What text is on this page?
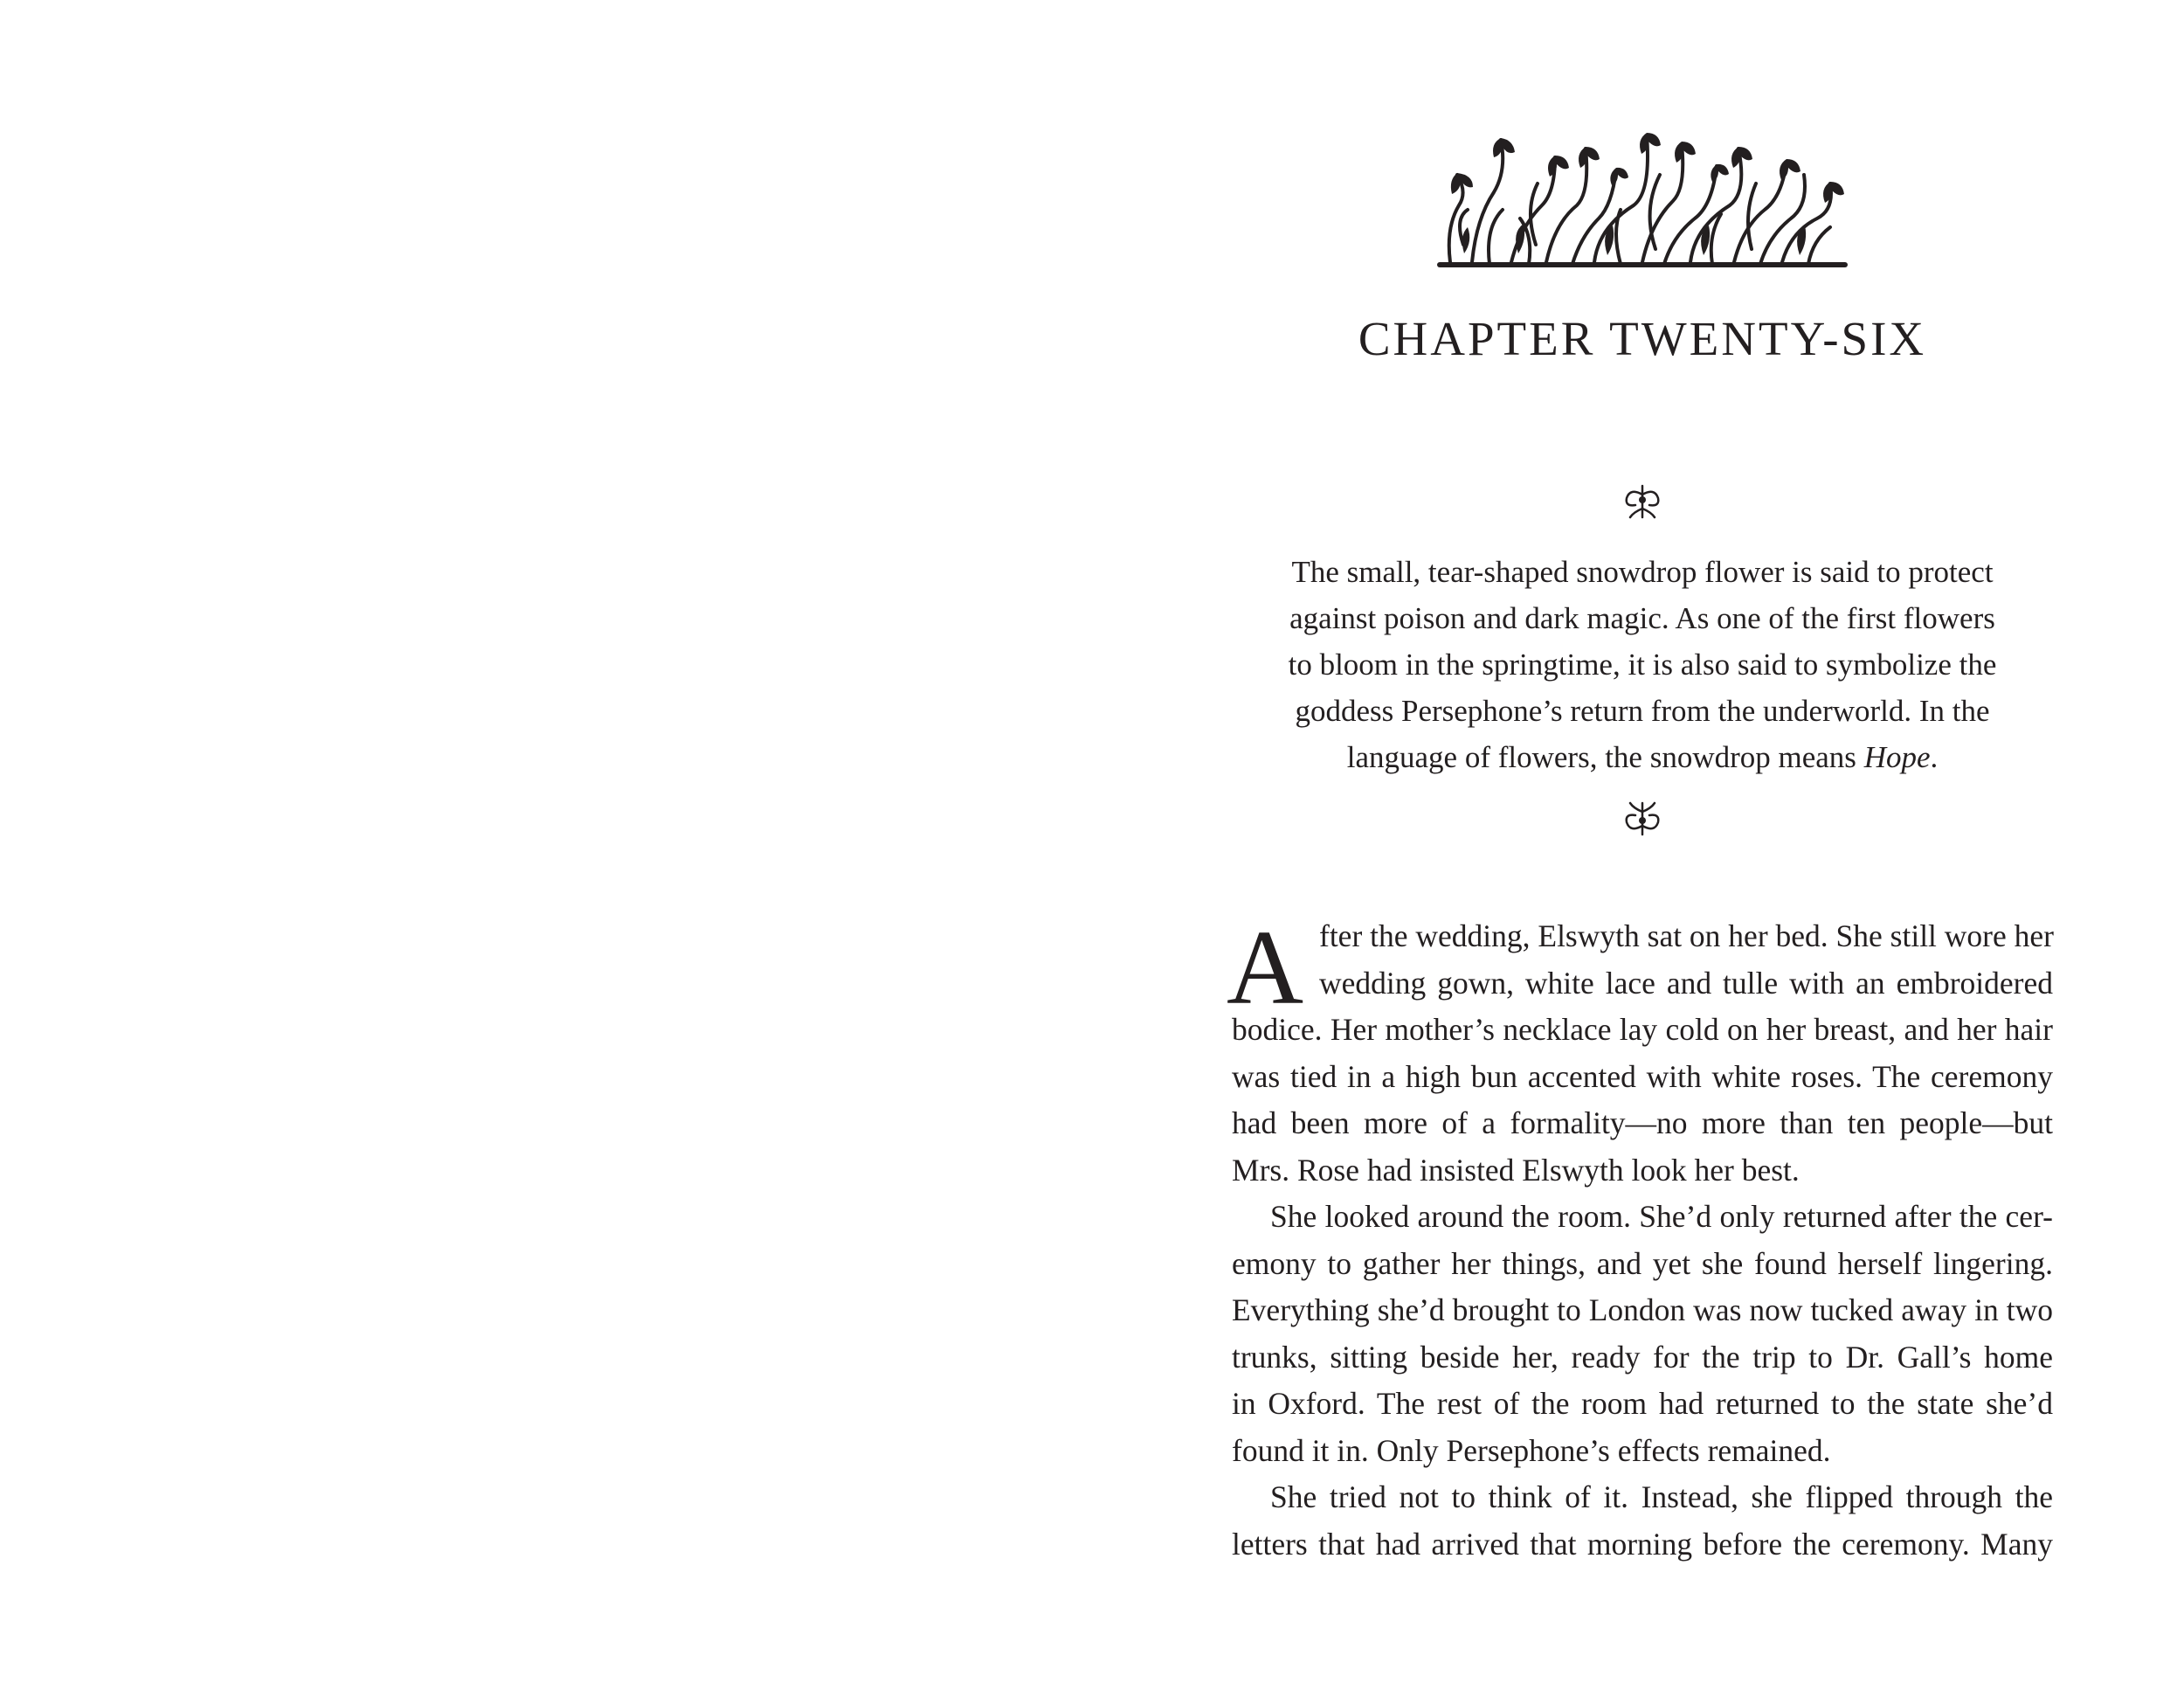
CHAPTER TWENTY-SIX
The small, tear-shaped snowdrop flower is said to protect
against poison and dark magic. As one of the first flowers
to bloom in the springtime, it is also said to symbolize the
goddess Persephone’s return from the underworld. In the
language of flowers, the snowdrop means Hope.
A fter the wedding, Elswyth sat on her bed. She still wore her
wedding gown, white lace and tulle with an embroidered
bodice. Her mother’s necklace lay cold on her breast, and her hair
was tied in a high bun accented with white roses. The ceremony
had been more of a formality—no more than ten people—but
Mrs. Rose had insisted Elswyth look her best.
She looked around the room. She’d only returned after the cer-
emony to gather her things, and yet she found herself lingering.
Everything she’d brought to London was now tucked away in two
trunks, sitting beside her, ready for the trip to Dr. Gall’s home
in Oxford. The rest of the room had returned to the state she’d
found it in. Only Persephone’s effects remained.
She tried not to think of it. Instead, she flipped through the
letters that had arrived that morning before the ceremony. Many
